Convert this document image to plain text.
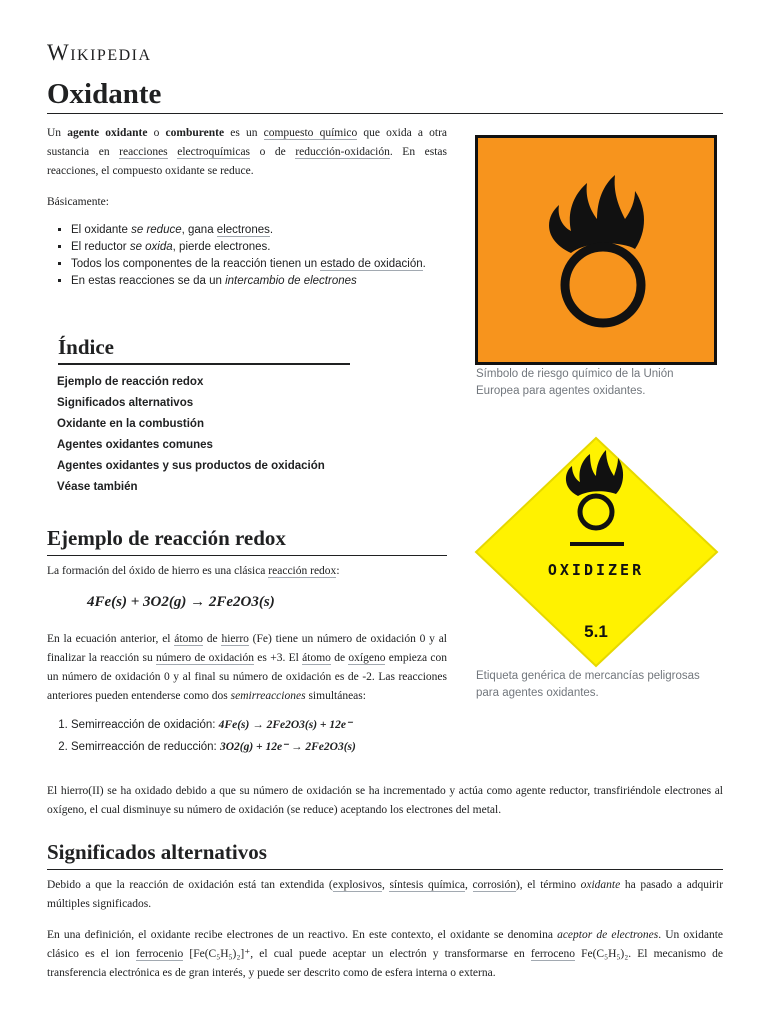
Wikipedia
Oxidante

Un agente oxidante o comburente es un compuesto químico que oxida a otra sustancia en reacciones electroquímicas o de reducción-oxidación. En estas reacciones, el compuesto oxidante se reduce.

Básicamente:

▪ El oxidante se reduce, gana electrones.
▪ El reductor se oxida, pierde electrones.
▪ Todos los componentes de la reacción tienen un estado de oxidación.
▪ En estas reacciones se da un intercambio de electrones
Índice
Ejemplo de reacción redox
Significados alternativos
Oxidante en la combustión
Agentes oxidantes comunes
Agentes oxidantes y sus productos de oxidación
Véase también
Símbolo de riesgo químico de la Unión Europea para agentes oxidantes.
OXIDIZER
5.1
Etiqueta genérica de mercancías peligrosas para agentes oxidantes.
Ejemplo de reacción redox

La formación del óxido de hierro es una clásica reacción redox:

4Fe(s) + 3O2(g) → 2Fe2O3(s)

En la ecuación anterior, el átomo de hierro (Fe) tiene un número de oxidación 0 y al finalizar la reacción su número de oxidación es +3. El átomo de oxígeno empieza con un número de oxidación 0 y al final su número de oxidación es de -2. Las reacciones anteriores pueden entenderse como dos semirreacciones simultáneas:

1. Semirreacción de oxidación: 4Fe(s) → 2Fe2O3(s) + 12e⁻
2. Semirreacción de reducción: 3O2(g) + 12e⁻ → 2Fe2O3(s)
El hierro(II) se ha oxidado debido a que su número de oxidación se ha incrementado y actúa como agente reductor, transfiriéndole electrones al oxígeno, el cual disminuye su número de oxidación (se reduce) aceptando los electrones del metal.
Significados alternativos
Debido a que la reacción de oxidación está tan extendida (explosivos, síntesis química, corrosión), el término oxidante ha pasado a adquirir múltiples significados.
En una definición, el oxidante recibe electrones de un reactivo. En este contexto, el oxidante se denomina aceptor de electrones. Un oxidante clásico es el ion ferrocenio [Fe(C₅H₅)₂]⁺, el cual puede aceptar un electrón y transformarse en ferroceno Fe(C₅H₅)₂. El mecanismo de transferencia electrónica es de gran interés, y puede ser descrito como de esfera interna o externa.
